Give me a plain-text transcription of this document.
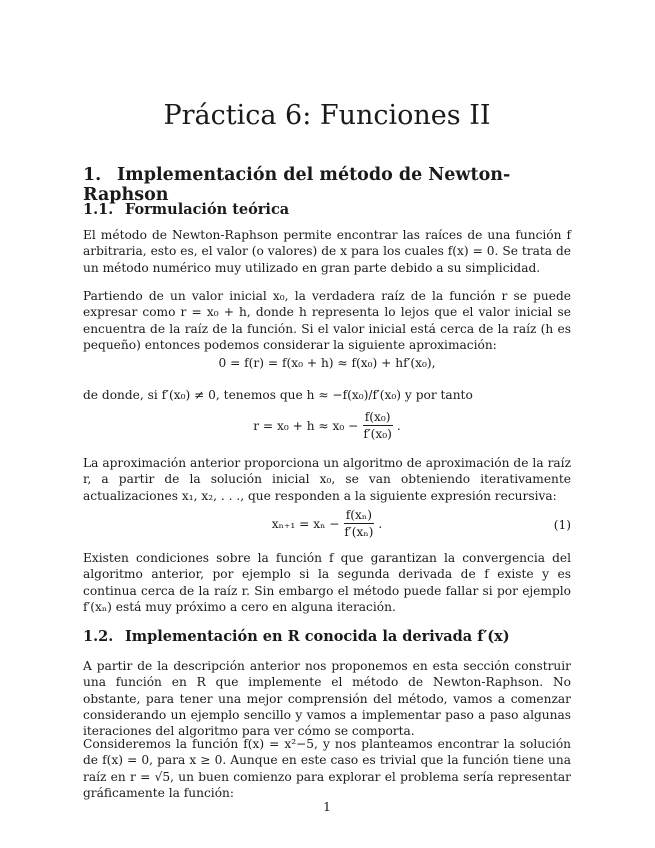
Práctica 6: Funciones II
1. Implementación del método de Newton-Raphson
1.1. Formulación teórica

El método de Newton-Raphson permite encontrar las raíces de una función f arbitraria, esto es, el valor (o valores) de x para los cuales f(x) = 0. Se trata de un método numérico muy utilizado en gran parte debido a su simplicidad.

Partiendo de un valor inicial x₀, la verdadera raíz de la función r se puede expresar como r = x₀ + h, donde h representa lo lejos que el valor inicial se encuentra de la raíz de la función. Si el valor inicial está cerca de la raíz (h es pequeño) entonces podemos considerar la siguiente aproximación:

0 = f(r) = f(x₀ + h) ≈ f(x₀) + hf′(x₀),

de donde, si f′(x₀) ≠ 0, tenemos que h ≈ −f(x₀)/f′(x₀) y por tanto

$r = x_0 + h \approx x_0 - \frac{\text{f(x₀)}}{\text{f′(x₀)}}$ .

La aproximación anterior proporciona un algoritmo de aproximación de la raíz r, a partir de la solución inicial x₀, se van obteniendo iterativamente actualizaciones x₁, x₂, . . ., que responden a la siguiente expresión recursiva:

$x_{n+1} = x_n - \frac{\text{f(xₙ)}}{\text{f′(xₙ)}}$ .	(1)

Existen condiciones sobre la función f que garantizan la convergencia del algoritmo anterior, por ejemplo si la segunda derivada de f existe y es continua cerca de la raíz r. Sin embargo el método puede fallar si por ejemplo f′(xₙ) está muy próximo a cero en alguna iteración.

1.2. Implementación en R conocida la derivada f′(x)

A partir de la descripción anterior nos proponemos en esta sección construir una función en R que implemente el método de Newton-Raphson. No obstante, para tener una mejor comprensión del método, vamos a comenzar considerando un ejemplo sencillo y vamos a implementar paso a paso algunas iteraciones del algoritmo para ver cómo se comporta.

Consideremos la función f(x) = x²−5, y nos planteamos encontrar la solución de f(x) = 0, para x ≥ 0. Aunque en este caso es trivial que la función tiene una raíz en r = √5, un buen comienzo para explorar el problema sería representar gráficamente la función:

1
